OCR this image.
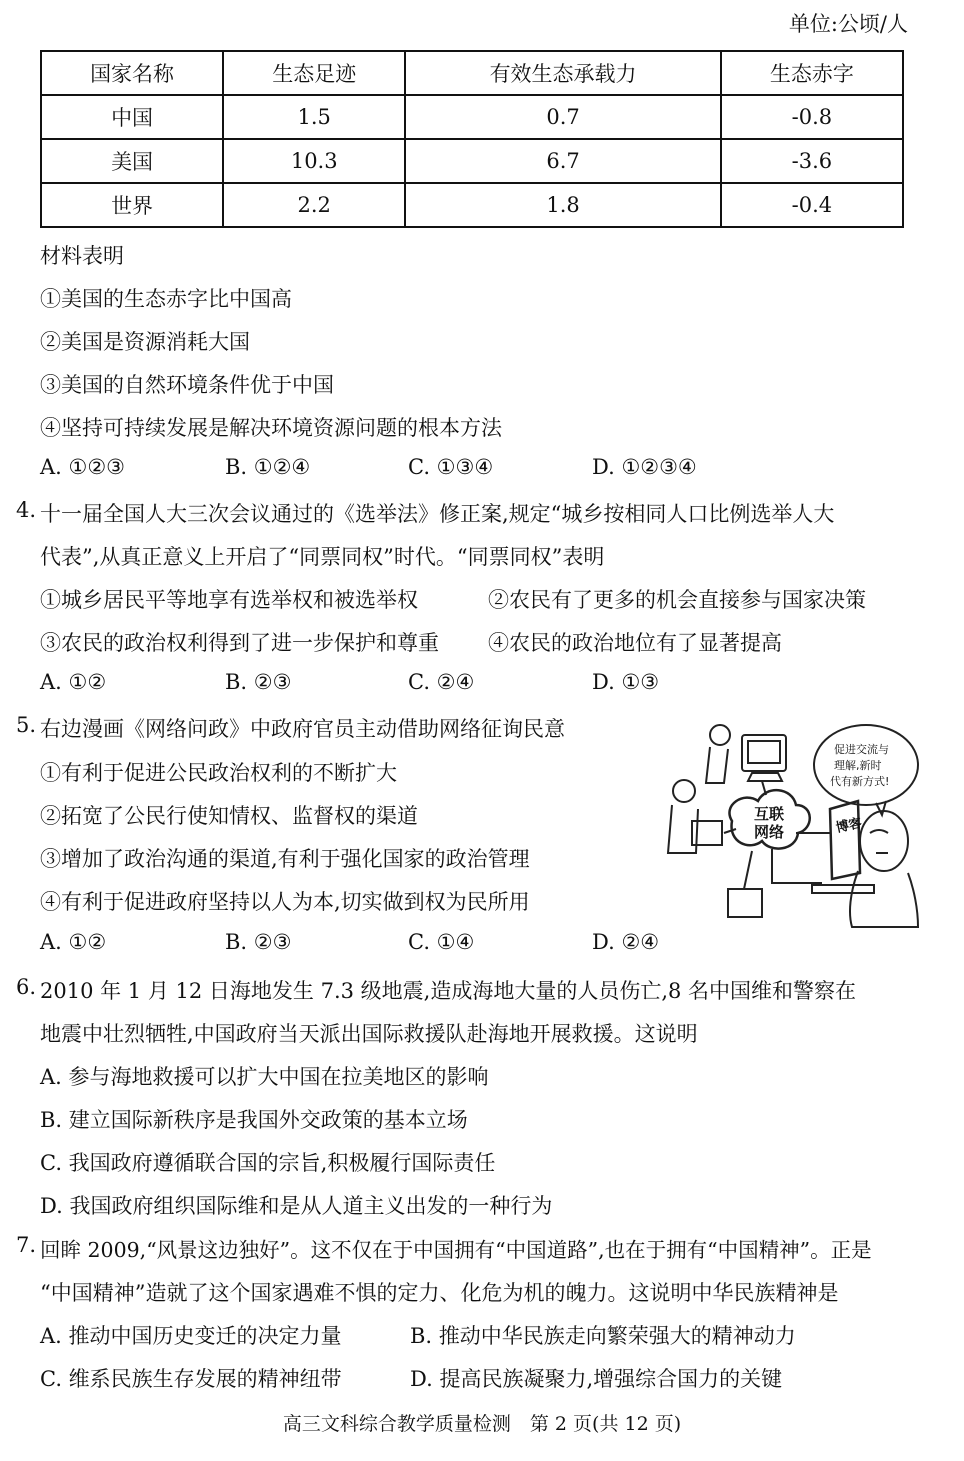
单位:公顷/人
国家名称	生态足迹	有效生态承载力	生态赤字
中国	1.5	0.7	-0.8
美国	10.3	6.7	-3.6
世界	2.2	1.8	-0.4
材料表明
①美国的生态赤字比中国高
②美国是资源消耗大国
③美国的自然环境条件优于中国
④坚持可持续发展是解决环境资源问题的根本方法
A. ①②③	B. ①②④	C. ①③④	D. ①②③④
4. 十一届全国人大三次会议通过的《选举法》修正案,规定“城乡按相同人口比例选举人大
代表”,从真正意义上开启了“同票同权”时代。“同票同权”表明
①城乡居民平等地享有选举权和被选举权	②农民有了更多的机会直接参与国家决策
③农民的政治权利得到了进一步保护和尊重 ④农民的政治地位有了显著提高
A. ①②	B. ②③	C. ②④	D. ①③
5. 右边漫画《网络问政》中政府官员主动借助网络征询民意
①有利于促进公民政治权利的不断扩大
②拓宽了公民行使知情权、监督权的渠道
③增加了政治沟通的渠道,有利于强化国家的政治管理
④有利于促进政府坚持以人为本,切实做到权为民所用
A. ①②	B. ②③	C. ①④	D. ②④
促进交流与
理解,新时
代有新方式!
互联
网络	博客
6. 2010 年 1 月 12 日海地发生 7.3 级地震,造成海地大量的人员伤亡,8 名中国维和警察在
地震中壮烈牺牲,中国政府当天派出国际救援队赴海地开展救援。这说明
A. 参与海地救援可以扩大中国在拉美地区的影响
B. 建立国际新秩序是我国外交政策的基本立场
C. 我国政府遵循联合国的宗旨,积极履行国际责任
D. 我国政府组织国际维和是从人道主义出发的一种行为
7. 回眸 2009,“风景这边独好”。这不仅在于中国拥有“中国道路”,也在于拥有“中国精神”。正是
“中国精神”造就了这个国家遇难不惧的定力、化危为机的魄力。这说明中华民族精神是
A. 推动中国历史变迁的决定力量	B. 推动中华民族走向繁荣强大的精神动力
C. 维系民族生存发展的精神纽带	D. 提高民族凝聚力,增强综合国力的关键
高三文科综合教学质量检测　第 2 页(共 12 页)
